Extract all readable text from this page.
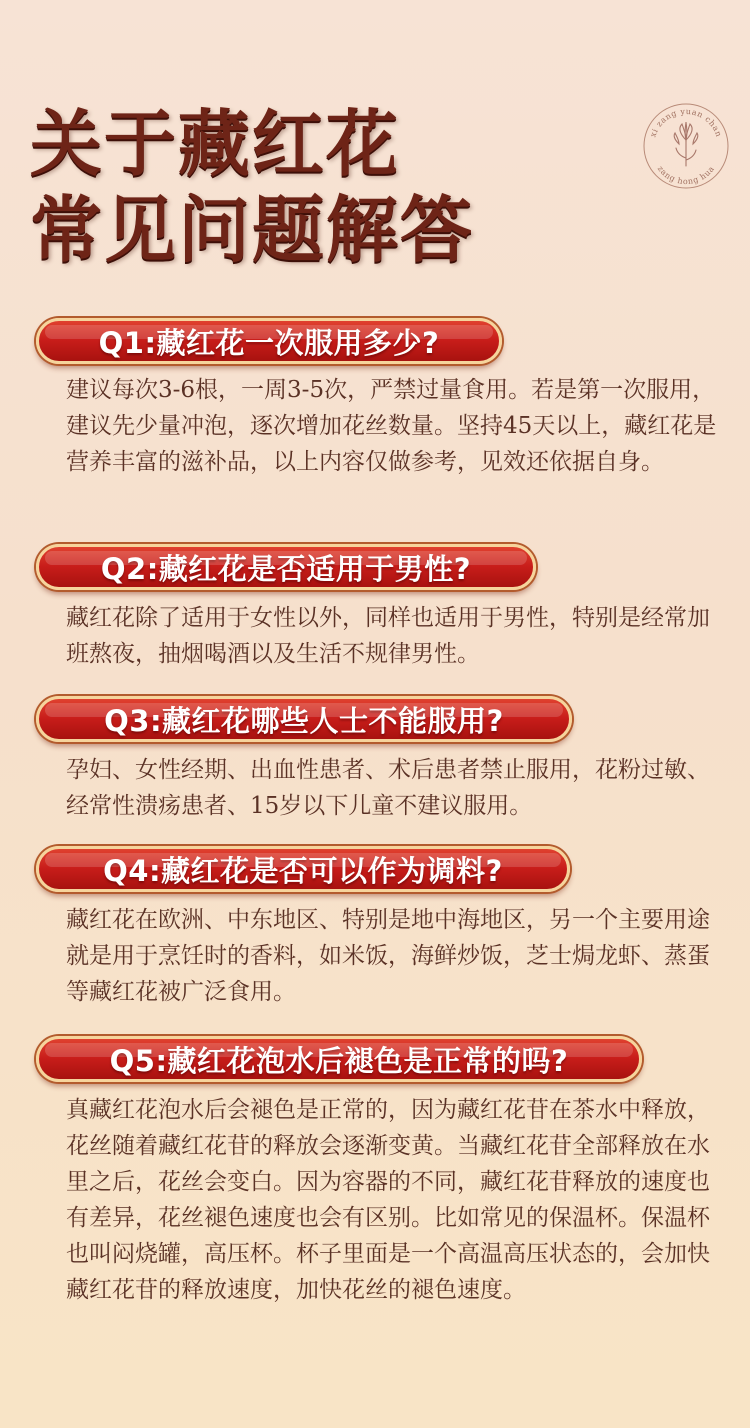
关于藏红花
常见问题解答
xi zang yuan chan
zang hong hua
Q1:藏红花一次服用多少?

建议每次3-6根，一周3-5次，严禁过量食用。若是第一次服用，建议先少量冲泡，逐次增加花丝数量。坚持45天以上，藏红花是营养丰富的滋补品，以上内容仅做参考，见效还依据自身。

Q2:藏红花是否适用于男性?

藏红花除了适用于女性以外，同样也适用于男性，特别是经常加班熬夜，抽烟喝酒以及生活不规律男性。

Q3:藏红花哪些人士不能服用?

孕妇、女性经期、出血性患者、术后患者禁止服用，花粉过敏、经常性溃疡患者、15岁以下儿童不建议服用。

Q4:藏红花是否可以作为调料?

藏红花在欧洲、中东地区、特别是地中海地区，另一个主要用途就是用于烹饪时的香料，如米饭，海鲜炒饭，芝士焗龙虾、蒸蛋等藏红花被广泛食用。

Q5:藏红花泡水后褪色是正常的吗?

真藏红花泡水后会褪色是正常的，因为藏红花苷在茶水中释放，花丝随着藏红花苷的释放会逐渐变黄。当藏红花苷全部释放在水里之后，花丝会变白。因为容器的不同，藏红花苷释放的速度也有差异，花丝褪色速度也会有区别。比如常见的保温杯。保温杯也叫闷烧罐，高压杯。杯子里面是一个高温高压状态的，会加快藏红花苷的释放速度，加快花丝的褪色速度。
